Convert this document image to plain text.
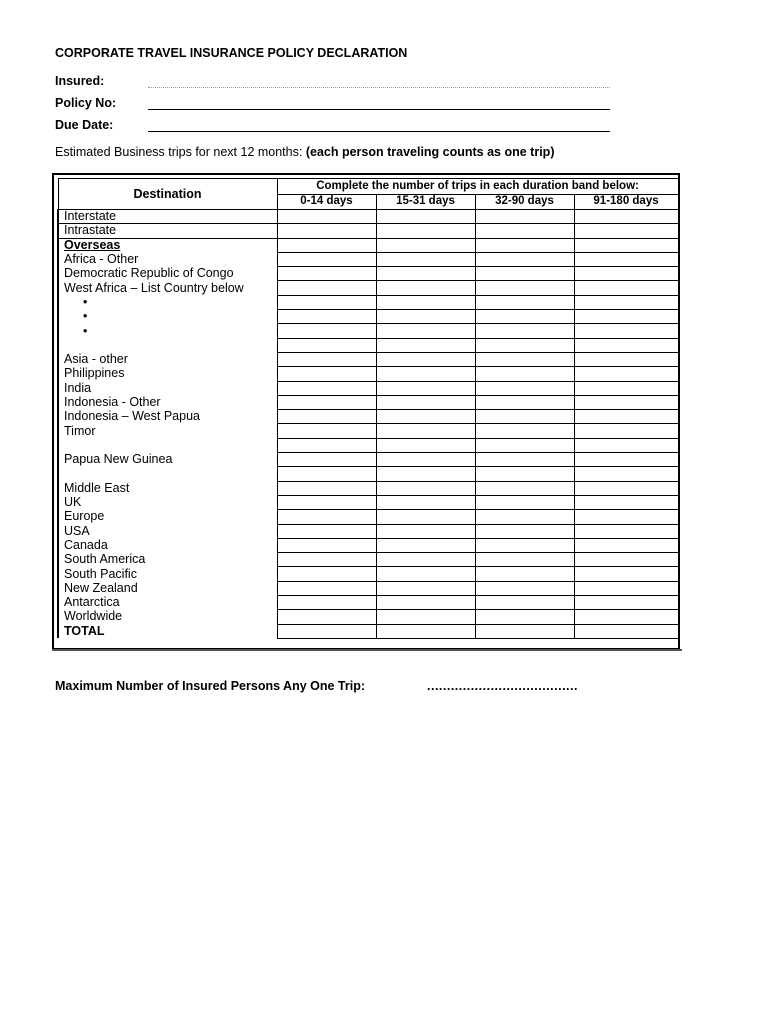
CORPORATE TRAVEL INSURANCE POLICY DECLARATION
Insured:
Policy No:
Due Date:
Estimated Business trips for next 12 months: (each person traveling counts as one trip)
Destination	Complete the number of trips in each duration band below:			
	0-14 days	15-31 days	32-90 days	91-180 days
Interstate				
Intrastate				
Overseas				
Africa - Other				
Democratic Republic of Congo				
West Africa – List Country below				
•				
•				
•				

Asia - other				
Philippines				
India				
Indonesia - Other				
Indonesia – West Papua				
Timor				

Papua New Guinea				

Middle East				
UK				
Europe				
USA				
Canada				
South America				
South Pacific				
New Zealand				
Antarctica				
Worldwide				
TOTAL				
Maximum Number of Insured Persons Any One Trip:	......................................
